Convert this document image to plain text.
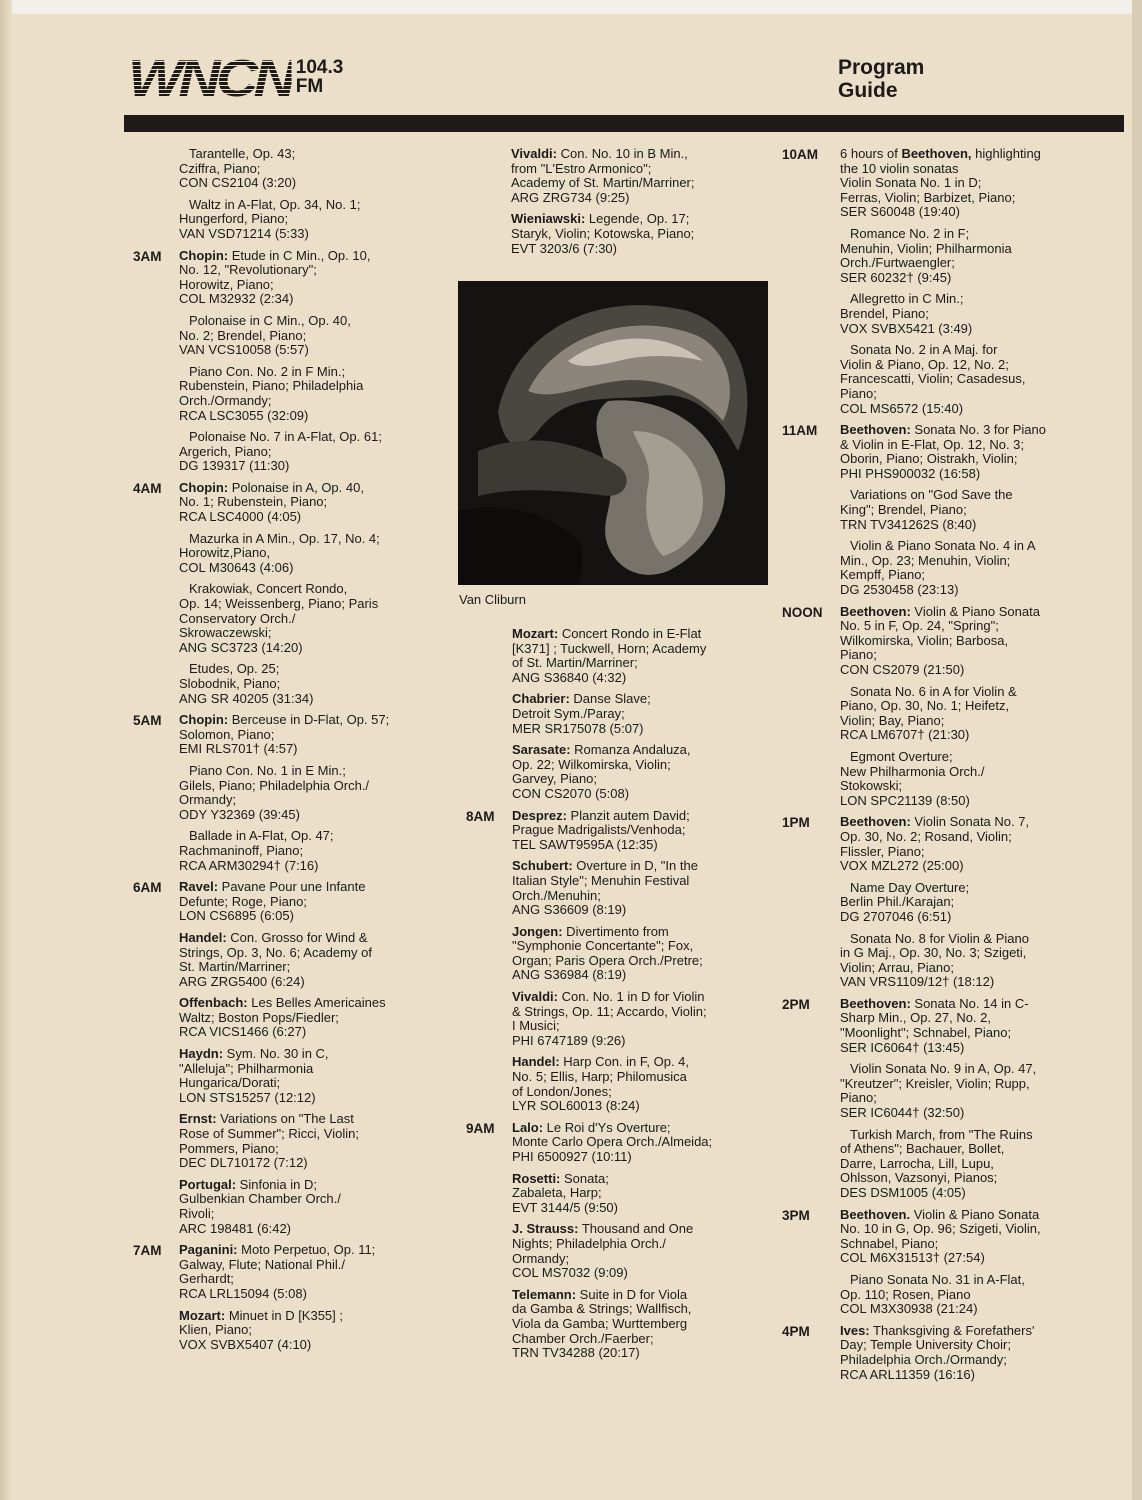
WNCN 104.3
FM
Program
Guide
Tarantelle, Op. 43;
Cziffra, Piano;
CON CS2104 (3:20)
Waltz in A-Flat, Op. 34, No. 1;
Hungerford, Piano;
VAN VSD71214 (5:33)
3AM	Chopin: Etude in C Min., Op. 10,
No. 12, "Revolutionary";
Horowitz, Piano;
COL M32932 (2:34)
Polonaise in C Min., Op. 40,
No. 2; Brendel, Piano;
VAN VCS10058 (5:57)
Piano Con. No. 2 in F Min.;
Rubenstein, Piano; Philadelphia
Orch./Ormandy;
RCA LSC3055 (32:09)
Polonaise No. 7 in A-Flat, Op. 61;
Argerich, Piano;
DG 139317 (11:30)
4AM	Chopin: Polonaise in A, Op. 40,
No. 1; Rubenstein, Piano;
RCA LSC4000 (4:05)
Mazurka in A Min., Op. 17, No. 4;
Horowitz,Piano,
COL M30643 (4:06)
Krakowiak, Concert Rondo,
Op. 14; Weissenberg, Piano; Paris
Conservatory Orch./
Skrowaczewski;
ANG SC3723 (14:20)
Etudes, Op. 25;
Slobodnik, Piano;
ANG SR 40205 (31:34)
5AM	Chopin: Berceuse in D-Flat, Op. 57;
Solomon, Piano;
EMI RLS701† (4:57)
Piano Con. No. 1 in E Min.;
Gilels, Piano; Philadelphia Orch./
Ormandy;
ODY Y32369 (39:45)
Ballade in A-Flat, Op. 47;
Rachmaninoff, Piano;
RCA ARM30294† (7:16)
6AM	Ravel: Pavane Pour une Infante
Defunte; Roge, Piano;
LON CS6895 (6:05)
Handel: Con. Grosso for Wind &
Strings, Op. 3, No. 6; Academy of
St. Martin/Marriner;
ARG ZRG5400 (6:24)
Offenbach: Les Belles Americaines
Waltz; Boston Pops/Fiedler;
RCA VICS1466 (6:27)
Haydn: Sym. No. 30 in C,
"Alleluja"; Philharmonia
Hungarica/Dorati;
LON STS15257 (12:12)
Ernst: Variations on "The Last
Rose of Summer"; Ricci, Violin;
Pommers, Piano;
DEC DL710172 (7:12)
Portugal: Sinfonia in D;
Gulbenkian Chamber Orch./
Rivoli;
ARC 198481 (6:42)
7AM	Paganini: Moto Perpetuo, Op. 11;
Galway, Flute; National Phil./
Gerhardt;
RCA LRL15094 (5:08)
Mozart: Minuet in D [K355] ;
Klien, Piano;
VOX SVBX5407 (4:10)
Vivaldi: Con. No. 10 in B Min.,
from "L'Estro Armonico";
Academy of St. Martin/Marriner;
ARG ZRG734 (9:25)
Wieniawski: Legende, Op. 17;
Staryk, Violin; Kotowska, Piano;
EVT 3203/6 (7:30)
Van Cliburn
Mozart: Concert Rondo in E-Flat
[K371] ; Tuckwell, Horn; Academy
of St. Martin/Marriner;
ANG S36840 (4:32)
Chabrier: Danse Slave;
Detroit Sym./Paray;
MER SR175078 (5:07)
Sarasate: Romanza Andaluza,
Op. 22; Wilkomirska, Violin;
Garvey, Piano;
CON CS2070 (5:08)
8AM	Desprez: Planzit autem David;
Prague Madrigalists/Venhoda;
TEL SAWT9595A (12:35)
Schubert: Overture in D, "In the
Italian Style"; Menuhin Festival
Orch./Menuhin;
ANG S36609 (8:19)
Jongen: Divertimento from
"Symphonie Concertante"; Fox,
Organ; Paris Opera Orch./Pretre;
ANG S36984 (8:19)
Vivaldi: Con. No. 1 in D for Violin
& Strings, Op. 11; Accardo, Violin;
I Musici;
PHI 6747189 (9:26)
Handel: Harp Con. in F, Op. 4,
No. 5; Ellis, Harp; Philomusica
of London/Jones;
LYR SOL60013 (8:24)
9AM	Lalo: Le Roi d'Ys Overture;
Monte Carlo Opera Orch./Almeida;
PHI 6500927 (10:11)
Rosetti: Sonata;
Zabaleta, Harp;
EVT 3144/5 (9:50)
J. Strauss: Thousand and One
Nights; Philadelphia Orch./
Ormandy;
COL MS7032 (9:09)
Telemann: Suite in D for Viola
da Gamba & Strings; Wallfisch,
Viola da Gamba; Wurttemberg
Chamber Orch./Faerber;
TRN TV34288 (20:17)
10AM	6 hours of Beethoven, highlighting
the 10 violin sonatas
Violin Sonata No. 1 in D;
Ferras, Violin; Barbizet, Piano;
SER S60048 (19:40)
Romance No. 2 in F;
Menuhin, Violin; Philharmonia
Orch./Furtwaengler;
SER 60232† (9:45)
Allegretto in C Min.;
Brendel, Piano;
VOX SVBX5421 (3:49)
Sonata No. 2 in A Maj. for
Violin & Piano, Op. 12, No. 2;
Francescatti, Violin; Casadesus,
Piano;
COL MS6572 (15:40)
11AM	Beethoven: Sonata No. 3 for Piano
& Violin in E-Flat, Op. 12, No. 3;
Oborin, Piano; Oistrakh, Violin;
PHI PHS900032 (16:58)
Variations on "God Save the
King"; Brendel, Piano;
TRN TV341262S (8:40)
Violin & Piano Sonata No. 4 in A
Min., Op. 23; Menuhin, Violin;
Kempff, Piano;
DG 2530458 (23:13)
NOON	Beethoven: Violin & Piano Sonata
No. 5 in F, Op. 24, "Spring";
Wilkomirska, Violin; Barbosa,
Piano;
CON CS2079 (21:50)
Sonata No. 6 in A for Violin &
Piano, Op. 30, No. 1; Heifetz,
Violin; Bay, Piano;
RCA LM6707† (21:30)
Egmont Overture;
New Philharmonia Orch./
Stokowski;
LON SPC21139 (8:50)
1PM	Beethoven: Violin Sonata No. 7,
Op. 30, No. 2; Rosand, Violin;
Flissler, Piano;
VOX MZL272 (25:00)
Name Day Overture;
Berlin Phil./Karajan;
DG 2707046 (6:51)
Sonata No. 8 for Violin & Piano
in G Maj., Op. 30, No. 3; Szigeti,
Violin; Arrau, Piano;
VAN VRS1109/12† (18:12)
2PM	Beethoven: Sonata No. 14 in C-
Sharp Min., Op. 27, No. 2,
"Moonlight"; Schnabel, Piano;
SER IC6064† (13:45)
Violin Sonata No. 9 in A, Op. 47,
"Kreutzer"; Kreisler, Violin; Rupp,
Piano;
SER IC6044† (32:50)
Turkish March, from "The Ruins
of Athens"; Bachauer, Bollet,
Darre, Larrocha, Lill, Lupu,
Ohlsson, Vazsonyi, Pianos;
DES DSM1005 (4:05)
3PM	Beethoven. Violin & Piano Sonata
No. 10 in G, Op. 96; Szigeti, Violin,
Schnabel, Piano;
COL M6X31513† (27:54)
Piano Sonata No. 31 in A-Flat,
Op. 110; Rosen, Piano
COL M3X30938 (21:24)
4PM	Ives: Thanksgiving & Forefathers'
Day; Temple University Choir;
Philadelphia Orch./Ormandy;
RCA ARL11359 (16:16)
